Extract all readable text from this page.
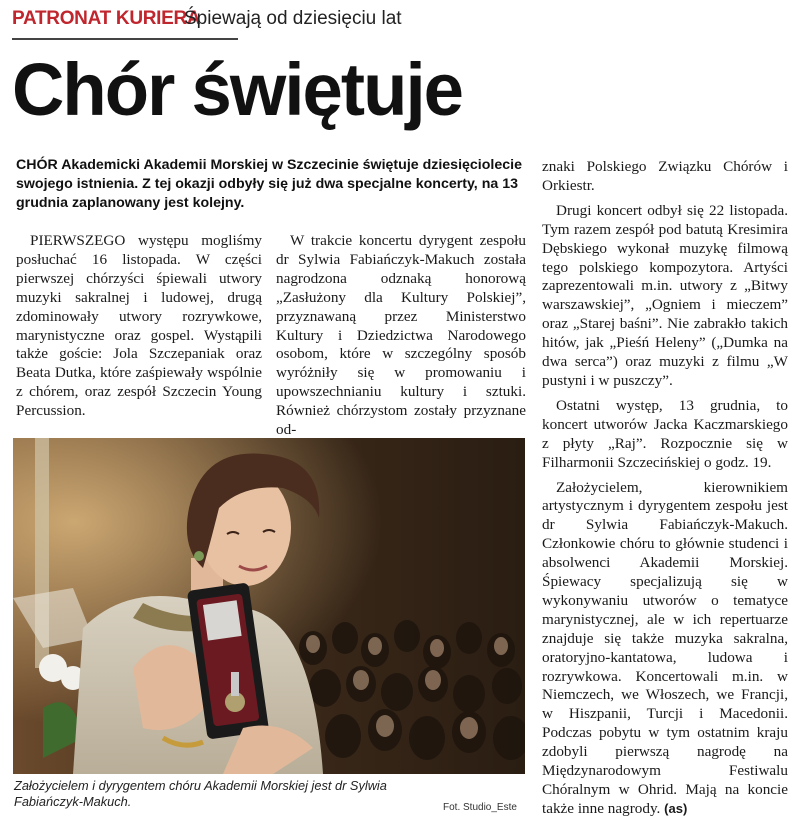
PATRONAT KURIERA
Śpiewają od dziesięciu lat
Chór świętuje

CHÓR Akademicki Akademii Morskiej w Szczecinie świętuje dziesięciolecie swojego istnienia. Z tej okazji odbyły się już dwa specjalne koncerty, na 13 grudnia zaplanowany jest kolejny.

PIERWSZEGO występu mogliśmy posłuchać 16 listopada. W części pierwszej chórzyści śpiewali utwory muzyki sakralnej i ludowej, drugą zdominowały utwory rozrywkowe, marynistyczne oraz gospel. Wystąpili także goście: Jola Szczepaniak oraz Beata Dutka, które zaśpiewały wspólnie z chórem, oraz zespół Szczecin Young Percussion.

W trakcie koncertu dyrygent zespołu dr Sylwia Fabiańczyk-Makuch została nagrodzona odznaką honorową „Zasłużony dla Kultury Polskiej”, przyznawaną przez Ministerstwo Kultury i Dziedzictwa Narodowego osobom, które w szczególny sposób wyróżniły się w promowaniu i upowszechnianiu kultury i sztuki. Również chórzystom zostały przyznane od-

znaki Polskiego Związku Chórów i Orkiestr.

Drugi koncert odbył się 22 listopada. Tym razem zespół pod batutą Kresimira Dębskiego wykonał muzykę filmową tego polskiego kompozytora. Artyści zaprezentowali m.in. utwory z „Bitwy warszawskiej”, „Ogniem i mieczem” oraz „Starej baśni”. Nie zabrakło takich hitów, jak „Pieśń Heleny” („Dumka na dwa serca”) oraz muzyki z filmu „W pustyni i w puszczy”.

Ostatni występ, 13 grudnia, to koncert utworów Jacka Kaczmarskiego z płyty „Raj”. Rozpocznie się w Filharmonii Szczecińskiej o godz. 19.

Założycielem, kierownikiem artystycznym i dyrygentem zespołu jest dr Sylwia Fabiańczyk-Makuch. Członkowie chóru to głównie studenci i absolwenci Akademii Morskiej. Śpiewacy specjalizują się w wykonywaniu utworów o tematyce marynistycznej, ale w ich repertuarze znajduje się także muzyka sakralna, oratoryjno-kantatowa, ludowa i rozrywkowa. Koncertowali m.in. w Niemczech, we Włoszech, we Francji, w Hiszpanii, Turcji i Macedonii. Podczas pobytu w tym ostatnim kraju zdobyli pierwszą nagrodę na Międzynarodowym Festiwalu Chóralnym w Ohrid. Mają na koncie także inne nagrody. (as)

Założycielem i dyrygentem chóru Akademii Morskiej jest dr Sylwia Fabiańczyk-Makuch.	Fot. Studio_Este
